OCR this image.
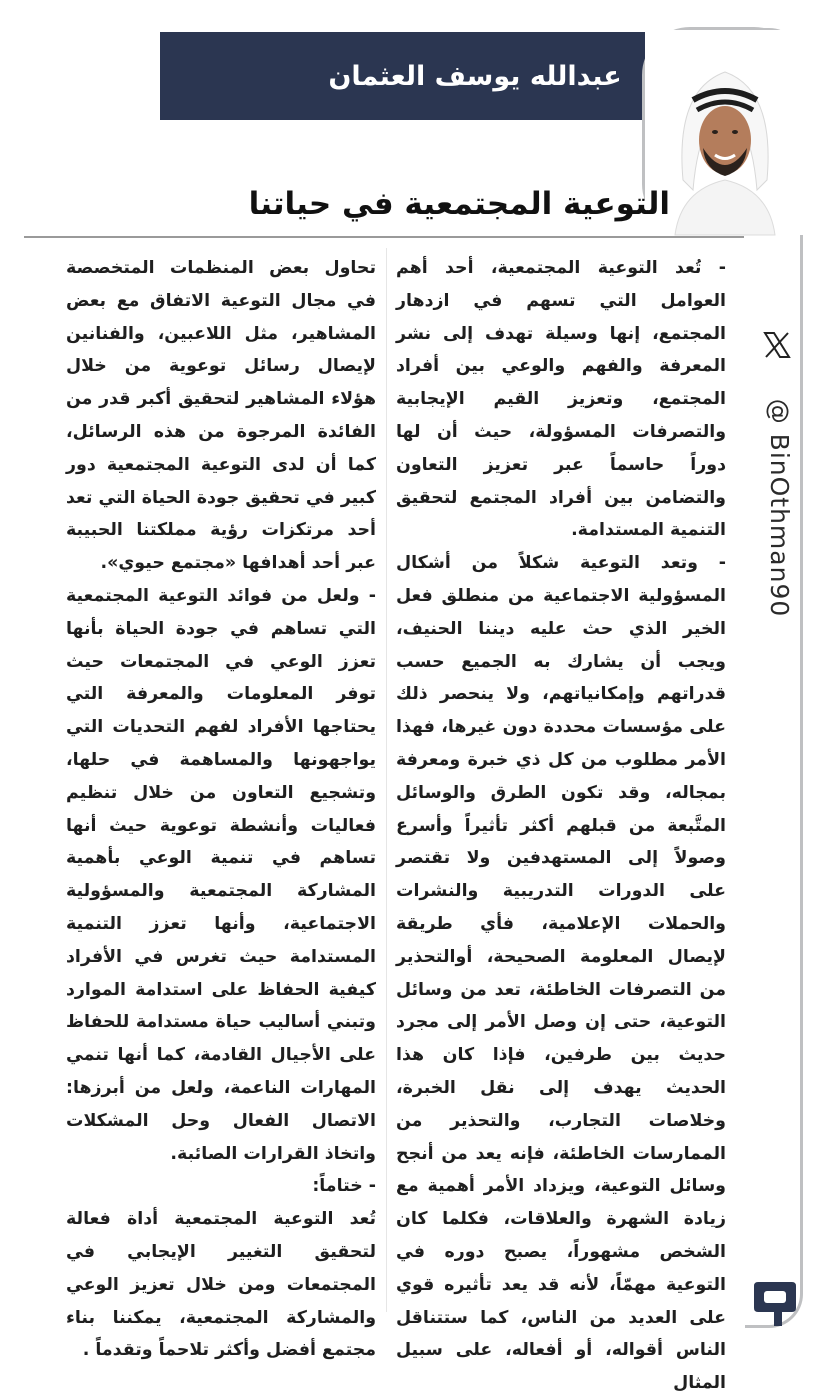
عبدالله يوسف العثمان
التوعية المجتمعية في حياتنا
@ BinOthman90

- تُعد التوعية المجتمعية، أحد أهم العوامل التي تسهم في ازدهار المجتمع، إنها وسيلة تهدف إلى نشر المعرفة والفهم والوعي بين أفراد المجتمع، وتعزيز القيم الإيجابية والتصرفات المسؤولة، حيث أن لها دوراً حاسماً عبر تعزيز التعاون والتضامن بين أفراد المجتمع لتحقيق التنمية المستدامة.

- وتعد التوعية شكلاً من أشكال المسؤولية الاجتماعية من منطلق فعل الخير الذي حث عليه ديننا الحنيف، ويجب أن يشارك به الجميع حسب قدراتهم وإمكانياتهم، ولا ينحصر ذلك على مؤسسات محددة دون غيرها، فهذا الأمر مطلوب من كل ذي خبرة ومعرفة بمجاله، وقد تكون الطرق والوسائل المتَّبعة من قبلهم أكثر تأثيراً وأسرع وصولاً إلى المستهدفين ولا تقتصر على الدورات التدريبية والنشرات والحملات الإعلامية، فأي طريقة لإيصال المعلومة الصحيحة، أوالتحذير من التصرفات الخاطئة، تعد من وسائل التوعية، حتى إن وصل الأمر إلى مجرد حديث بين طرفين، فإذا كان هذا الحديث يهدف إلى نقل الخبرة، وخلاصات التجارب، والتحذير من الممارسات الخاطئة، فإنه يعد من أنجح وسائل التوعية، ويزداد الأمر أهمية مع زيادة الشهرة والعلاقات، فكلما كان الشخص مشهوراً، يصبح دوره في التوعية مهمّاً، لأنه قد يعد تأثيره قوي على العديد من الناس، كما ستتناقل الناس أقواله، أو أفعاله، على سبيل المثال

تحاول بعض المنظمات المتخصصة في مجال التوعية الاتفاق مع بعض المشاهير، مثل اللاعبين، والفنانين لإيصال رسائل توعوية من خلال هؤلاء المشاهير لتحقيق أكبر قدر من الفائدة المرجوة من هذه الرسائل، كما أن لدى التوعية المجتمعية دور كبير في تحقيق جودة الحياة التي تعد أحد مرتكزات رؤية مملكتنا الحبيبة عبر أحد أهدافها «مجتمع حيوي».

- ولعل من فوائد التوعية المجتمعية التي تساهم في جودة الحياة بأنها تعزز الوعي في المجتمعات حيث توفر المعلومات والمعرفة التي يحتاجها الأفراد لفهم التحديات التي يواجهونها والمساهمة في حلها، وتشجيع التعاون من خلال تنظيم فعاليات وأنشطة توعوية حيث أنها تساهم في تنمية الوعي بأهمية المشاركة المجتمعية والمسؤولية الاجتماعية، وأنها تعزز التنمية المستدامة حيث تغرس في الأفراد كيفية الحفاظ على استدامة الموارد وتبني أساليب حياة مستدامة للحفاظ على الأجيال القادمة، كما أنها تنمي المهارات الناعمة، ولعل من أبرزها: الاتصال الفعال وحل المشكلات واتخاذ القرارات الصائبة.

- ختاماً:

تُعد التوعية المجتمعية أداة فعالة لتحقيق التغيير الإيجابي في المجتمعات ومن خلال تعزيز الوعي والمشاركة المجتمعية، يمكننا بناء مجتمع أفضل وأكثر تلاحماً وتقدماً .
